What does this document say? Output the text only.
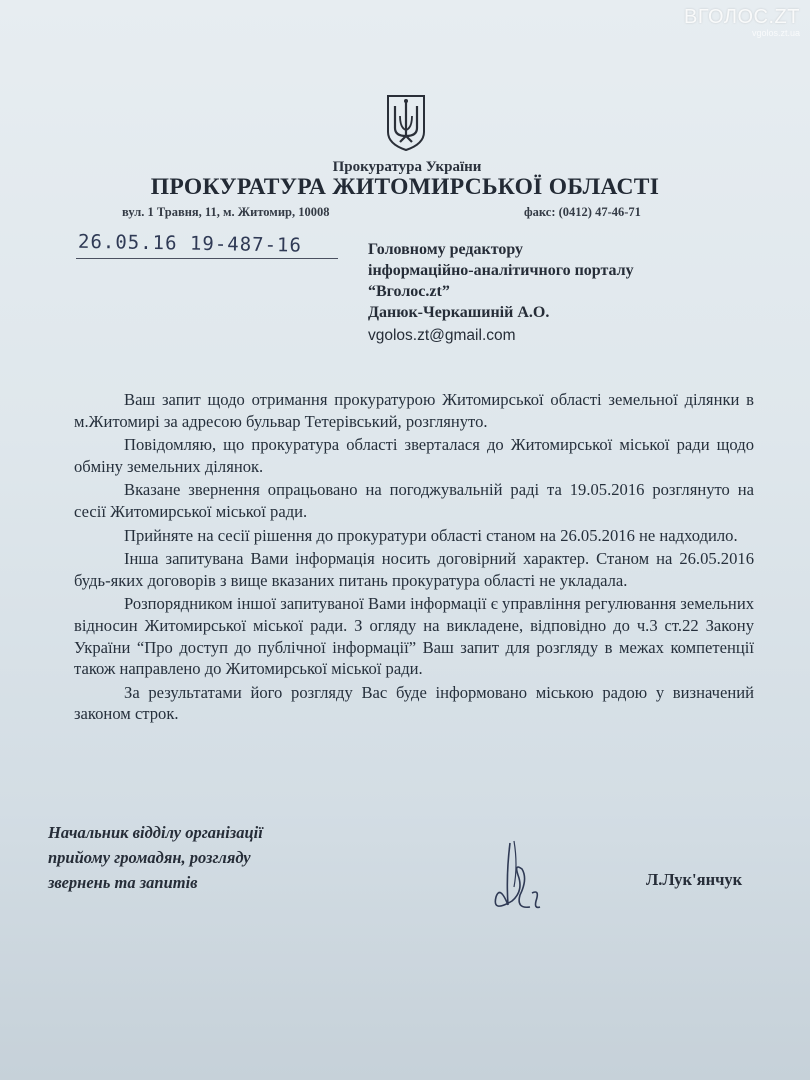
ВГОЛОС.ZT
vgolos.zt.ua
Прокуратура України
ПРОКУРАТУРА ЖИТОМИРСЬКОЇ ОБЛАСТІ
вул. 1 Травня, 11, м. Житомир, 10008	факс: (0412) 47-46-71
26.05.16 19-487-16	Головному редактору
інформаційно-аналітичного порталу
“Вголос.zt”
Данюк-Черкашиній А.О.
vgolos.zt@gmail.com

Ваш запит щодо отримання прокуратурою Житомирської області земельної ділянки в м.Житомирі за адресою бульвар Тетерівський, розглянуто.

Повідомляю, що прокуратура області зверталася до Житомирської міської ради щодо обміну земельних ділянок.

Вказане звернення опрацьовано на погоджувальній раді та 19.05.2016 розглянуто на сесії Житомирської міської ради.

Прийняте на сесії рішення до прокуратури області станом на 26.05.2016 не надходило.

Інша запитувана Вами інформація носить договірний характер. Станом на 26.05.2016 будь-яких договорів з вище вказаних питань прокуратура області не укладала.

Розпорядником іншої запитуваної Вами інформації є управління регулювання земельних відносин Житомирської міської ради. З огляду на викладене, відповідно до ч.3 ст.22 Закону України “Про доступ до публічної інформації” Ваш запит для розгляду в межах компетенції також направлено до Житомирської міської ради.

За результатами його розгляду Вас буде інформовано міською радою у визначений законом строк.

Начальник відділу організації
прийому громадян, розгляду
звернень та запитів	Л.Лук'янчук
